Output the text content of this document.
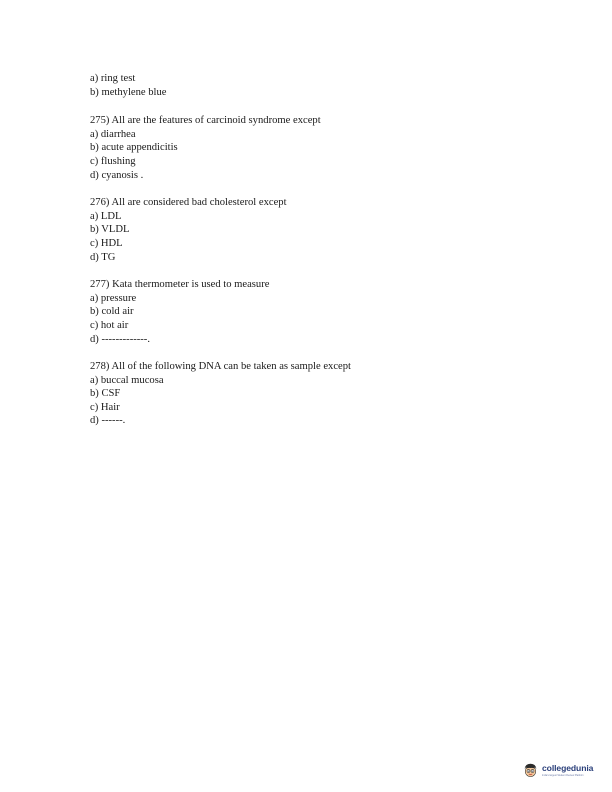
a) ring test
b) methylene blue
275) All are the features of carcinoid syndrome except
a) diarrhea
b) acute appendicitis
c) flushing
d) cyanosis .
276) All are considered bad cholesterol except
a) LDL
b) VLDL
c) HDL
d) TG
277) Kata thermometer is used to measure
a) pressure
b) cold air
c) hot air
d) -------------.
278) All of the following DNA can be taken as sample except
a) buccal mucosa
b) CSF
c) Hair
d) ------.
collegedunia
India's largest Student Review Platform
